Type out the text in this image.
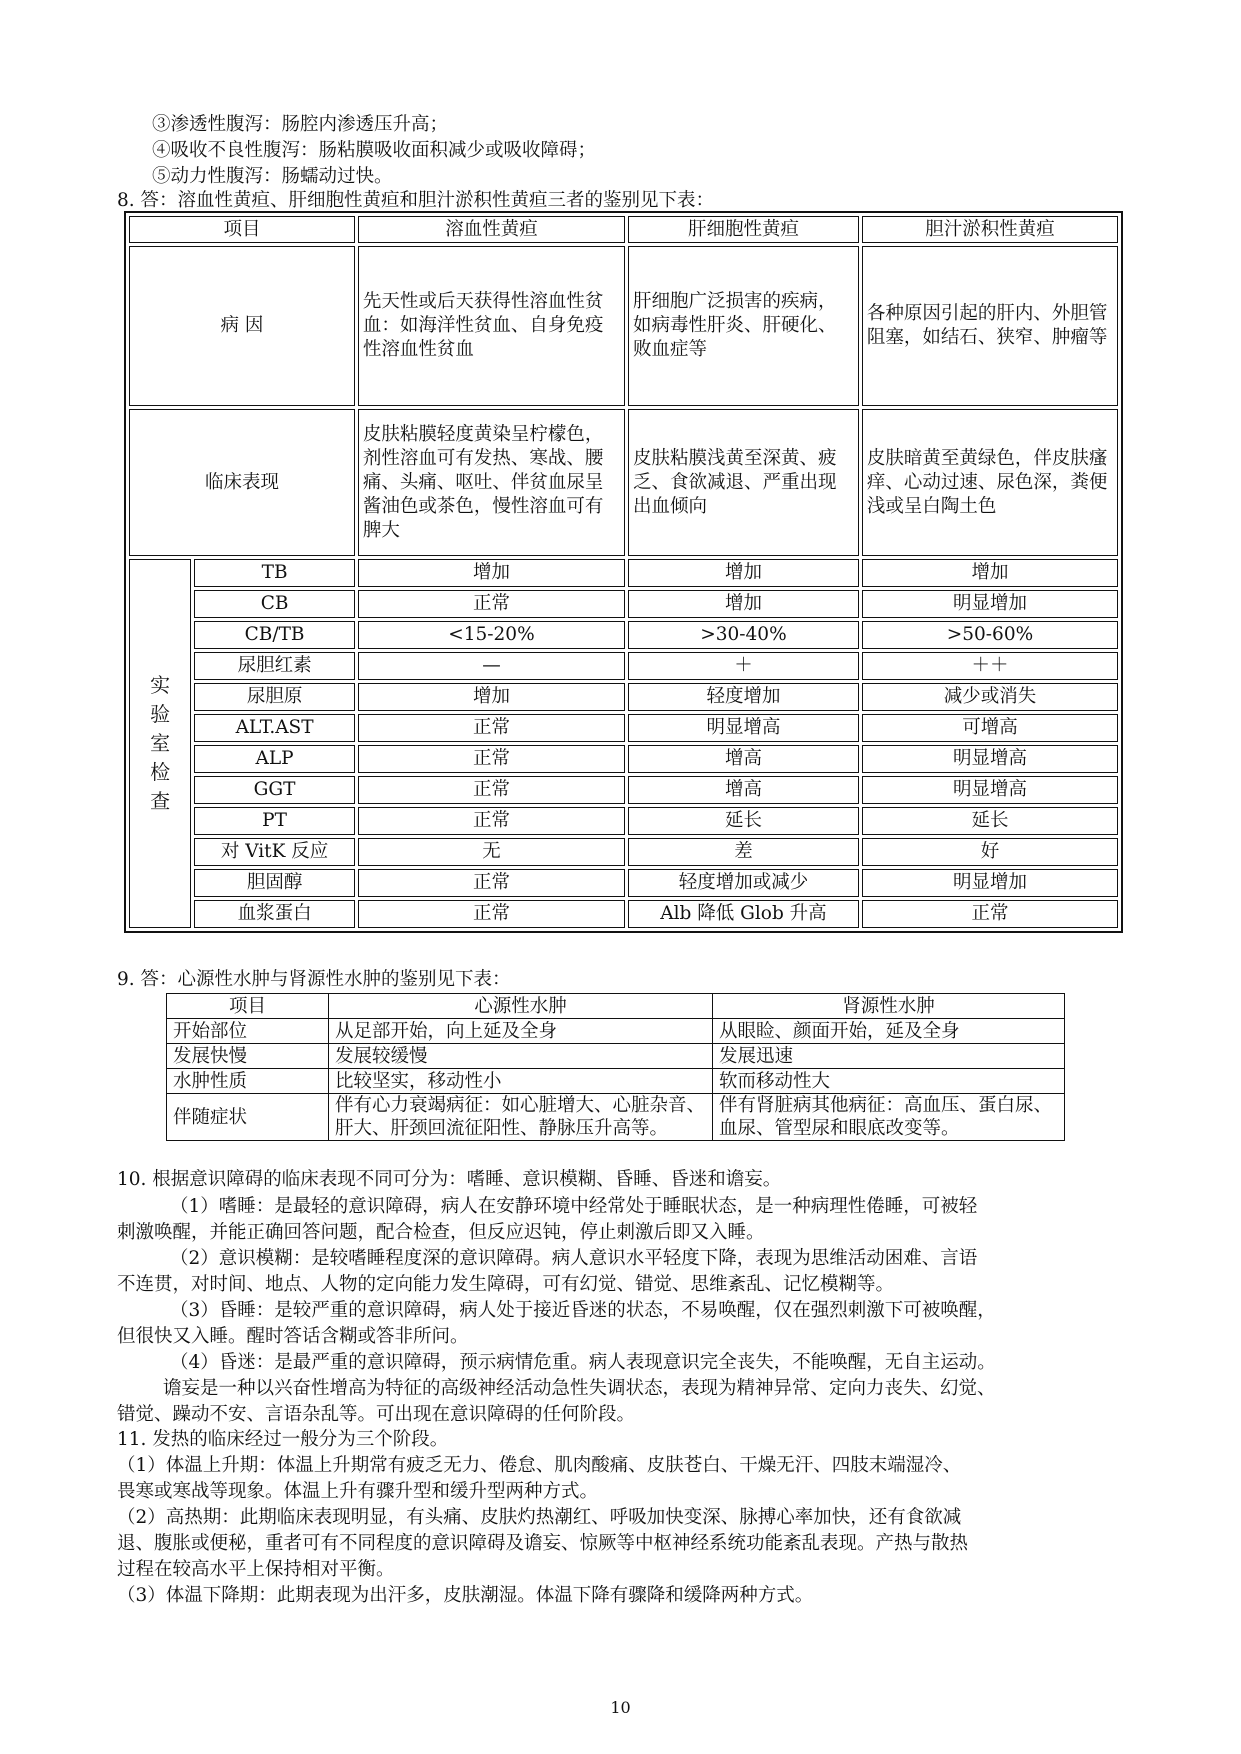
③渗透性腹泻：肠腔内渗透压升高；
④吸收不良性腹泻：肠粘膜吸收面积减少或吸收障碍；
⑤动力性腹泻：肠蠕动过快。
8. 答：溶血性黄疸、肝细胞性黄疸和胆汁淤积性黄疸三者的鉴别见下表：
项目		溶血性黄疸	肝细胞性黄疸	胆汁淤积性黄疸
病 因		先天性或后天获得性溶血性贫血：如海洋性贫血、自身免疫性溶血性贫血	肝细胞广泛损害的疾病，如病毒性肝炎、肝硬化、败血症等	各种原因引起的肝内、外胆管阻塞，如结石、狭窄、肿瘤等
临床表现		皮肤粘膜轻度黄染呈柠檬色，剂性溶血可有发热、寒战、腰痛、头痛、呕吐、伴贫血尿呈酱油色或茶色，慢性溶血可有脾大	皮肤粘膜浅黄至深黄、疲乏、食欲减退、严重出现出血倾向	皮肤暗黄至黄绿色，伴皮肤瘙痒、心动过速、尿色深，粪便浅或呈白陶土色
实验室检查	TB	增加	增加	增加
	CB	正常	增加	明显增加
	CB/TB	<15-20%	>30-40%	>50-60%
	尿胆红素	—	＋	＋＋
	尿胆原	增加	轻度增加	减少或消失
	ALT.AST	正常	明显增高	可增高
	ALP	正常	增高	明显增高
	GGT	正常	增高	明显增高
	PT	正常	延长	延长
	对 VitK 反应	无	差	好
	胆固醇	正常	轻度增加或减少	明显增加
	血浆蛋白	正常	Alb 降低 Glob 升高	正常
9. 答：心源性水肿与肾源性水肿的鉴别见下表：
项目	心源性水肿	肾源性水肿
开始部位	从足部开始，向上延及全身	从眼睑、颜面开始，延及全身
发展快慢	发展较缓慢	发展迅速
水肿性质	比较坚实，移动性小	软而移动性大
伴随症状	伴有心力衰竭病征：如心脏增大、心脏杂音、肝大、肝颈回流征阳性、静脉压升高等。	伴有肾脏病其他病征：高血压、蛋白尿、血尿、管型尿和眼底改变等。
10. 根据意识障碍的临床表现不同可分为：嗜睡、意识模糊、昏睡、昏迷和谵妄。
（1）嗜睡：是最轻的意识障碍，病人在安静环境中经常处于睡眠状态，是一种病理性倦睡，可被轻
刺激唤醒，并能正确回答问题，配合检查，但反应迟钝，停止刺激后即又入睡。
（2）意识模糊：是较嗜睡程度深的意识障碍。病人意识水平轻度下降，表现为思维活动困难、言语
不连贯，对时间、地点、人物的定向能力发生障碍，可有幻觉、错觉、思维紊乱、记忆模糊等。
（3）昏睡：是较严重的意识障碍，病人处于接近昏迷的状态，不易唤醒，仅在强烈刺激下可被唤醒，
但很快又入睡。醒时答话含糊或答非所问。
（4）昏迷：是最严重的意识障碍，预示病情危重。病人表现意识完全丧失，不能唤醒，无自主运动。
谵妄是一种以兴奋性增高为特征的高级神经活动急性失调状态，表现为精神异常、定向力丧失、幻觉、
错觉、躁动不安、言语杂乱等。可出现在意识障碍的任何阶段。
11. 发热的临床经过一般分为三个阶段。
（1）体温上升期：体温上升期常有疲乏无力、倦怠、肌肉酸痛、皮肤苍白、干燥无汗、四肢末端湿冷、
畏寒或寒战等现象。体温上升有骤升型和缓升型两种方式。
（2）高热期：此期临床表现明显，有头痛、皮肤灼热潮红、呼吸加快变深、脉搏心率加快，还有食欲减
退、腹胀或便秘，重者可有不同程度的意识障碍及谵妄、惊厥等中枢神经系统功能紊乱表现。产热与散热
过程在较高水平上保持相对平衡。
（3）体温下降期：此期表现为出汗多，皮肤潮湿。体温下降有骤降和缓降两种方式。
10
